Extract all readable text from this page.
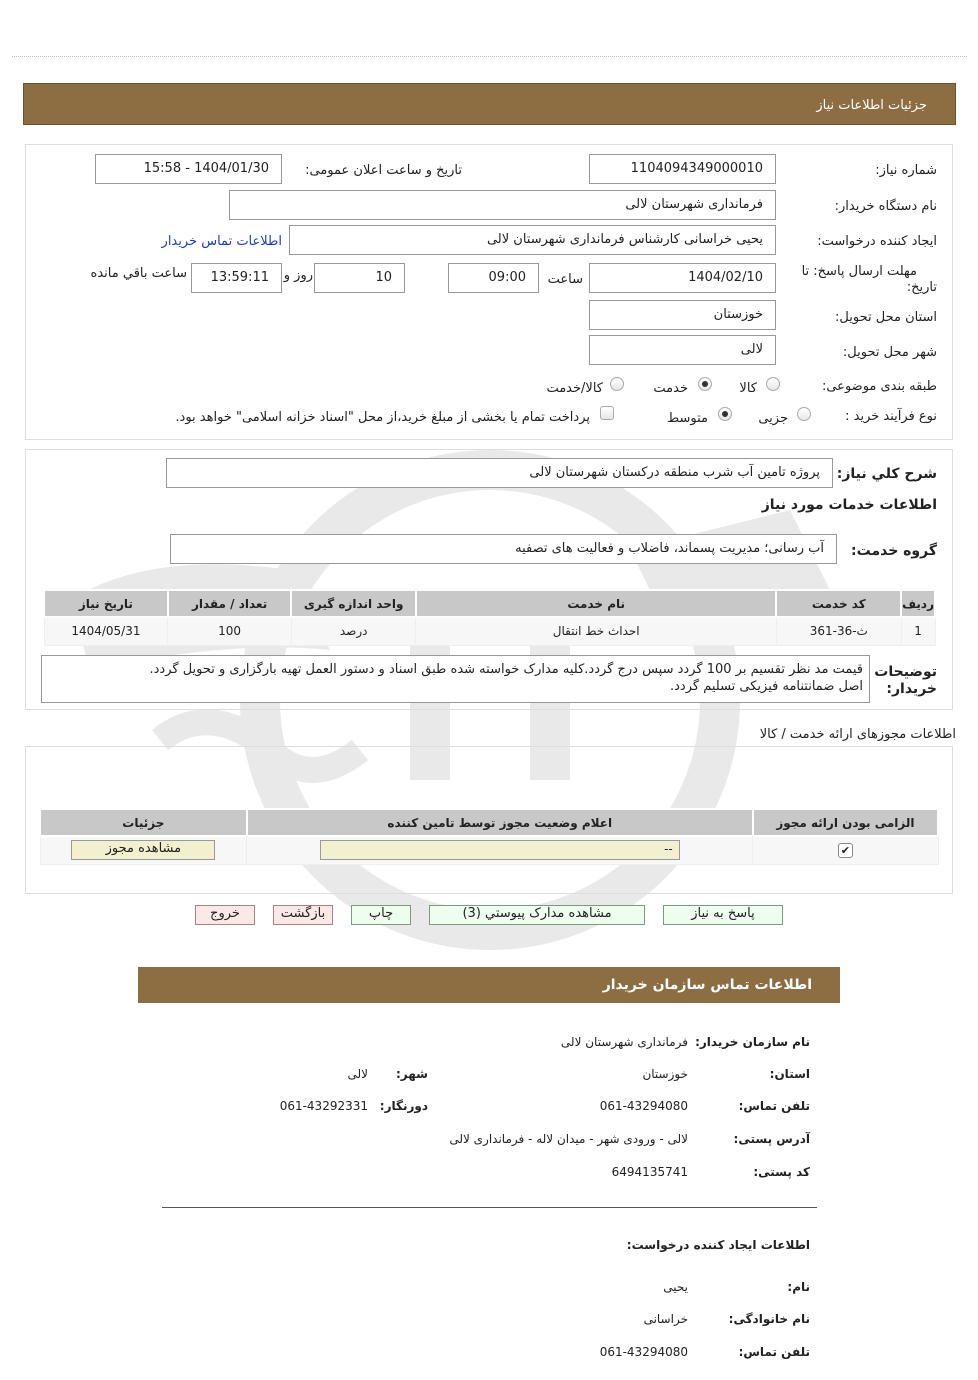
جزئیات اطلاعات نیاز
شماره نیاز:
1104094349000010
تاریخ و ساعت اعلان عمومی:
1404/01/30 - 15:58
نام دستگاه خریدار:
فرمانداری شهرستان لالی
ایجاد کننده درخواست:
یحیی خراسانی کارشناس فرمانداری شهرستان لالی
اطلاعات تماس خریدار
مهلت ارسال پاسخ: تا
تاریخ:
1404/02/10
ساعت
09:00
10
روز و
13:59:11
ساعت باقي مانده
استان محل تحویل:
خوزستان
شهر محل تحویل:
لالی
طبقه بندی موضوعی:
کالا
خدمت
کالا/خدمت
نوع فرآیند خرید :
جزیی
متوسط
پرداخت تمام یا بخشی از مبلغ خرید،از محل "اسناد خزانه اسلامی" خواهد بود.
شرح کلي نياز:
پروژه تامین آب شرب منطقه درکستان شهرستان لالی
اطلاعات خدمات مورد نیاز
گروه خدمت:
آب رسانی؛ مدیریت پسماند، فاضلاب و فعالیت های تصفیه
رديف	کد خدمت	نام خدمت	واحد اندازه گيری	تعداد / مقدار	تاریخ نیاز
1	ث-36-361	احداث خط انتقال	درصد	100	1404/05/31
توضیحات
خریدار:
قیمت مد نظر تقسیم بر 100 گردد سپس درج گردد.کلیه مدارک خواسته شده طبق اسناد و دستور العمل تهیه بارگزاری و تحویل گردد.
اصل ضمانتنامه فیزیکی تسلیم گردد.
اطلاعات مجوزهای ارائه خدمت / کالا
الزامی بودن ارائه مجوز	اعلام وضعیت مجوز توسط تامین کننده	جزئیات
✔	--	مشاهده مجوز
پاسخ به نیاز
مشاهده مدارک پیوستي (3)
چاپ
بازگشت
خروج
اطلاعات تماس سازمان خریدار
نام سازمان خریدار:
فرمانداری شهرستان لالی
استان:
خوزستان
شهر:
لالی
تلفن تماس:
061-43294080
دورنگار:
061-43292331
آدرس پستی:
لالی - ورودی شهر - میدان لاله - فرمانداری لالی
کد پستی:
6494135741
اطلاعات ایجاد کننده درخواست:
نام:
یحیی
نام خانوادگی:
خراسانی
تلفن تماس:
061-43294080
